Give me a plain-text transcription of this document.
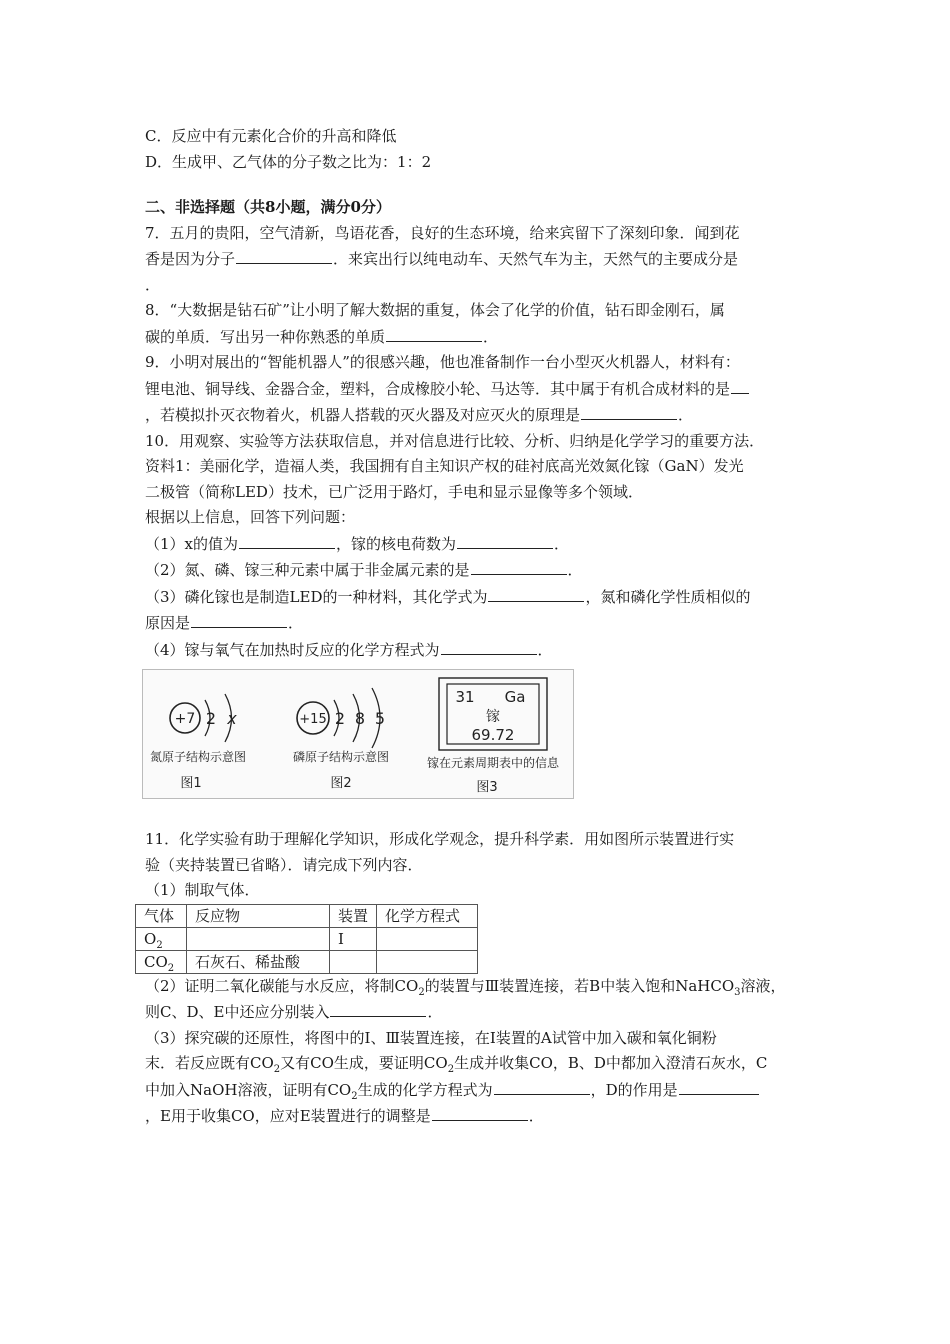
C．反应中有元素化合价的升高和降低
D．生成甲、乙气体的分子数之比为：1：2
二、非选择题（共8小题，满分0分）
7．五月的贵阳，空气清新，鸟语花香，良好的生态环境，给来宾留下了深刻印象．闻到花
香是因为分子	．来宾出行以纯电动车、天然气车为主，天然气的主要成分是
．
8．“大数据是钻石矿”让小明了解大数据的重复，体会了化学的价值，钻石即金刚石，属
碳的单质．写出另一种你熟悉的单质	．
9．小明对展出的“智能机器人”的很感兴趣，他也准备制作一台小型灭火机器人，材料有：
锂电池、铜导线、金器合金，塑料，合成橡胶小轮、马达等．其中属于有机合成材料的是
，若模拟扑灭衣物着火，机器人搭载的灭火器及对应灭火的原理是	．
10．用观察、实验等方法获取信息，并对信息进行比较、分析、归纳是化学学习的重要方法．
资料1：美丽化学，造福人类，我国拥有自主知识产权的硅衬底高光效氮化镓（GaN）发光
二极管（简称LED）技术，已广泛用于路灯，手电和显示显像等多个领域．
根据以上信息，回答下列问题：
（1）x的值为	，镓的核电荷数为	．
（2）氮、磷、镓三种元素中属于非金属元素的是	．
（3）磷化镓也是制造LED的一种材料，其化学式为	，氮和磷化学性质相似的
原因是	．
（4）镓与氧气在加热时反应的化学方程式为	．
+7 2 x
氮原子结构示意图
图1
+15 2 8 5
磷原子结构示意图
图2
31 Ga
镓
69.72
镓在元素周期表中的信息
图3
11．化学实验有助于理解化学知识，形成化学观念，提升科学素．用如图所示装置进行实
验（夹持装置已省略）．请完成下列内容．
（1）制取气体．
气体	反应物	装置	化学方程式
$O_2$		Ⅰ	
$CO_2$	石灰石、稀盐酸		
（2）证明二氧化碳能与水反应，将制$CO_2$的装置与Ⅲ装置连接，若B中装入饱和NaHCO$_3$溶液，
则C、D、E中还应分别装入	．
（3）探究碳的还原性，将图中的Ⅰ、Ⅲ装置连接，在Ⅰ装置的A试管中加入碳和氧化铜粉
末．若反应既有$CO_2$又有CO生成，要证明$CO_2$生成并收集CO，B、D中都加入澄清石灰水，C
中加入NaOH溶液，证明有$CO_2$生成的化学方程式为	，D的作用是
，E用于收集CO，应对E装置进行的调整是	．
